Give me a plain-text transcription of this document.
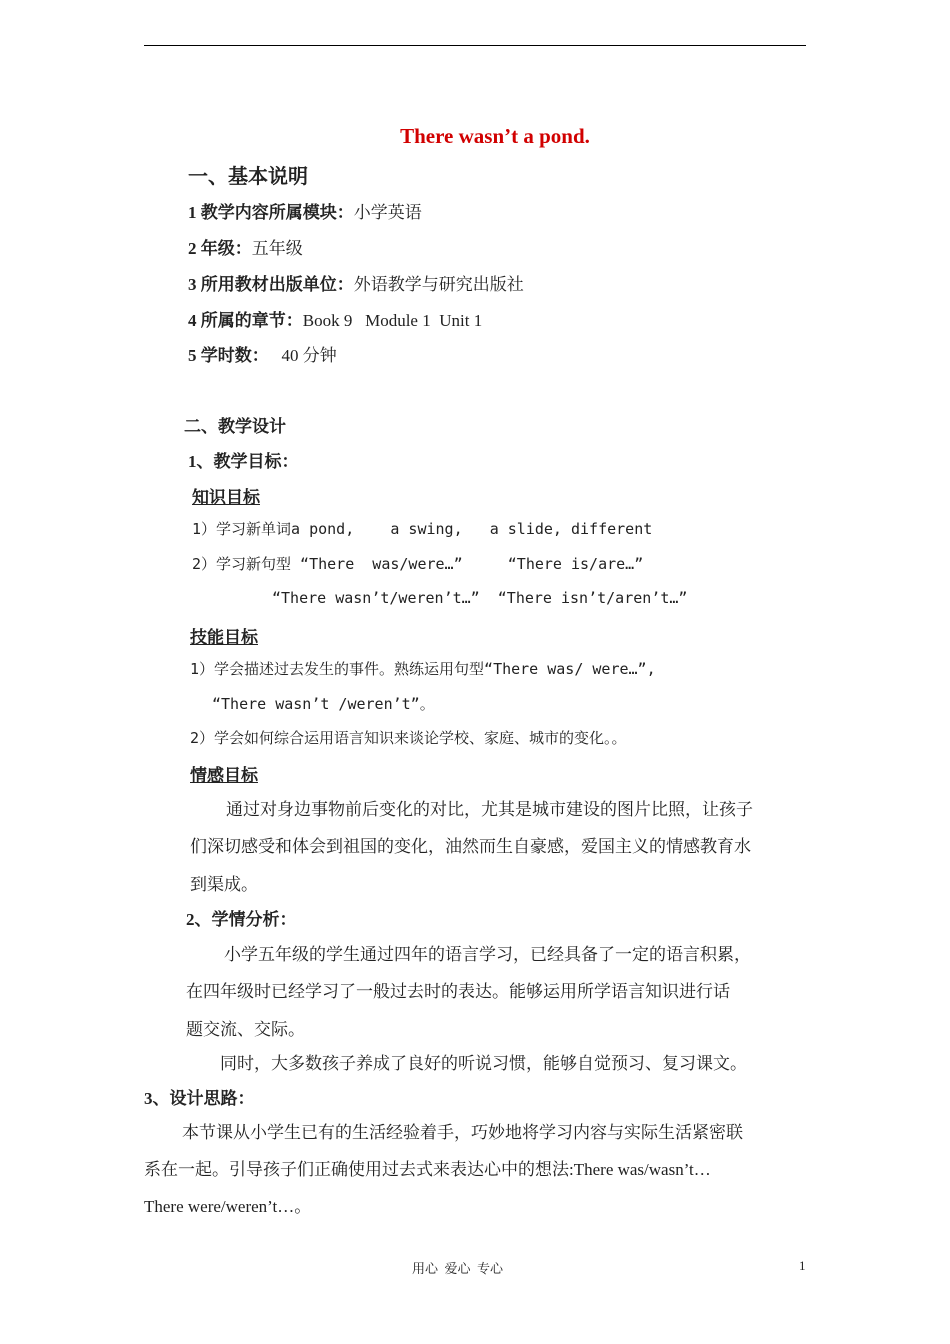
There wasn’t a pond.
一、基本说明
1 教学内容所属模块：小学英语
2 年级：五年级
3 所用教材出版单位：外语教学与研究出版社
4 所属的章节：Book 9   Module 1  Unit 1
5 学时数：   40 分钟
二、教学设计
1、教学目标：
知识目标
1）学习新单词a pond,    a swing,   a slide, different
2）学习新句型 “There  was/were…”     “There is/are…”
“There wasn’t/weren’t…”  “There isn’t/aren’t…”
技能目标
1）学会描述过去发生的事件。熟练运用句型“There was/ were…”,
“There wasn’t /weren’t”。
2）学会如何综合运用语言知识来谈论学校、家庭、城市的变化。。
情感目标
通过对身边事物前后变化的对比，尤其是城市建设的图片比照，让孩子
们深切感受和体会到祖国的变化，油然而生自豪感，爱国主义的情感教育水
到渠成。
2、学情分析：
小学五年级的学生通过四年的语言学习，已经具备了一定的语言积累，
在四年级时已经学习了一般过去时的表达。能够运用所学语言知识进行话
题交流、交际。
同时，大多数孩子养成了良好的听说习惯，能够自觉预习、复习课文。
3、设计思路：
本节课从小学生已有的生活经验着手，巧妙地将学习内容与实际生活紧密联
系在一起。引导孩子们正确使用过去式来表达心中的想法:There was/wasn’t…
There were/weren’t…。
用心  爱心  专心	1
